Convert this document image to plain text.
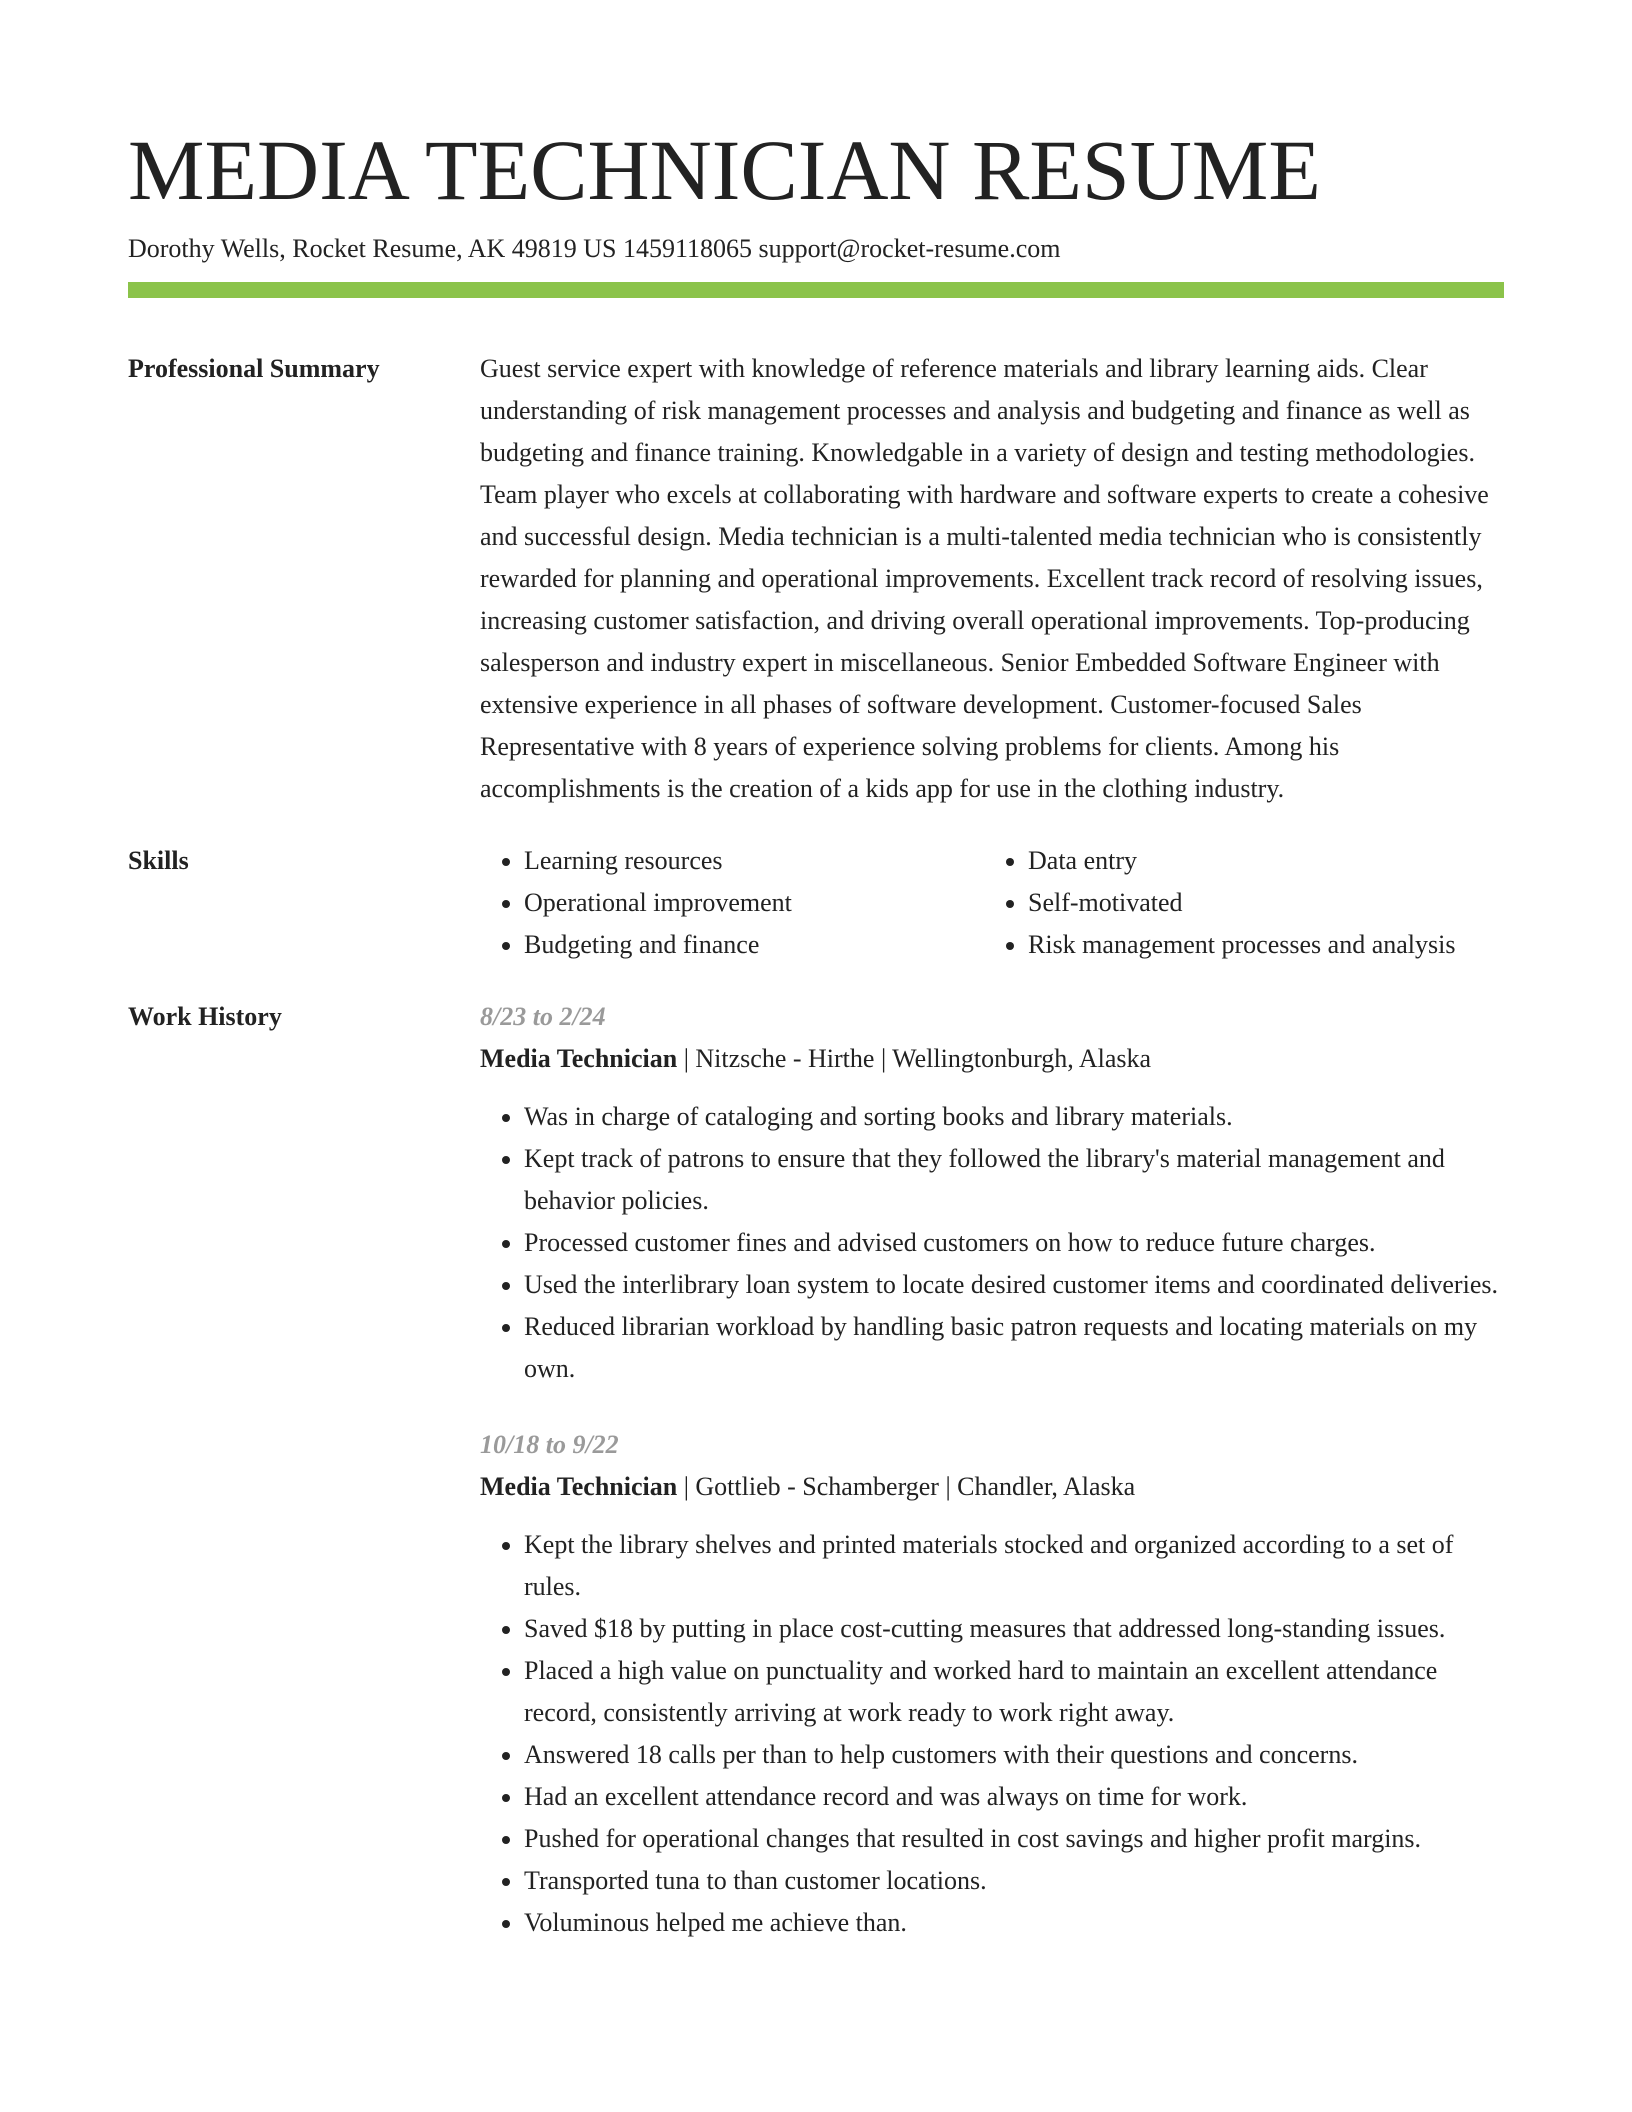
MEDIA TECHNICIAN RESUME
Dorothy Wells, Rocket Resume, AK 49819 US 1459118065 support@rocket-resume.com
Professional Summary	Guest service expert with knowledge of reference materials and library learning aids. Clear understanding of risk management processes and analysis and budgeting and finance as well as budgeting and finance training. Knowledgable in a variety of design and testing methodologies. Team player who excels at collaborating with hardware and software experts to create a cohesive and successful design. Media technician is a multi-talented media technician who is consistently rewarded for planning and operational improvements. Excellent track record of resolving issues, increasing customer satisfaction, and driving overall operational improvements. Top-producing salesperson and industry expert in miscellaneous. Senior Embedded Software Engineer with extensive experience in all phases of software development. Customer-focused Sales Representative with 8 years of experience solving problems for clients. Among his accomplishments is the creation of a kids app for use in the clothing industry.

Skills
•	Learning resources
• Operational improvement
• Budgeting and finance
• Data entry
• Self-motivated
• Risk management processes and analysis
Work History	8/23 to 2/24
Media Technician | Nitzsche - Hirthe | Wellingtonburgh, Alaska
• Was in charge of cataloging and sorting books and library materials.
• Kept track of patrons to ensure that they followed the library's material management and behavior policies.
• Processed customer fines and advised customers on how to reduce future charges.
• Used the interlibrary loan system to locate desired customer items and coordinated deliveries.
• Reduced librarian workload by handling basic patron requests and locating materials on my own.
10/18 to 9/22
Media Technician | Gottlieb - Schamberger | Chandler, Alaska
• Kept the library shelves and printed materials stocked and organized according to a set of rules.
• Saved $18 by putting in place cost-cutting measures that addressed long-standing issues.
• Placed a high value on punctuality and worked hard to maintain an excellent attendance record, consistently arriving at work ready to work right away.
• Answered 18 calls per than to help customers with their questions and concerns.
• Had an excellent attendance record and was always on time for work.
• Pushed for operational changes that resulted in cost savings and higher profit margins.
• Transported tuna to than customer locations.
• Voluminous helped me achieve than.
